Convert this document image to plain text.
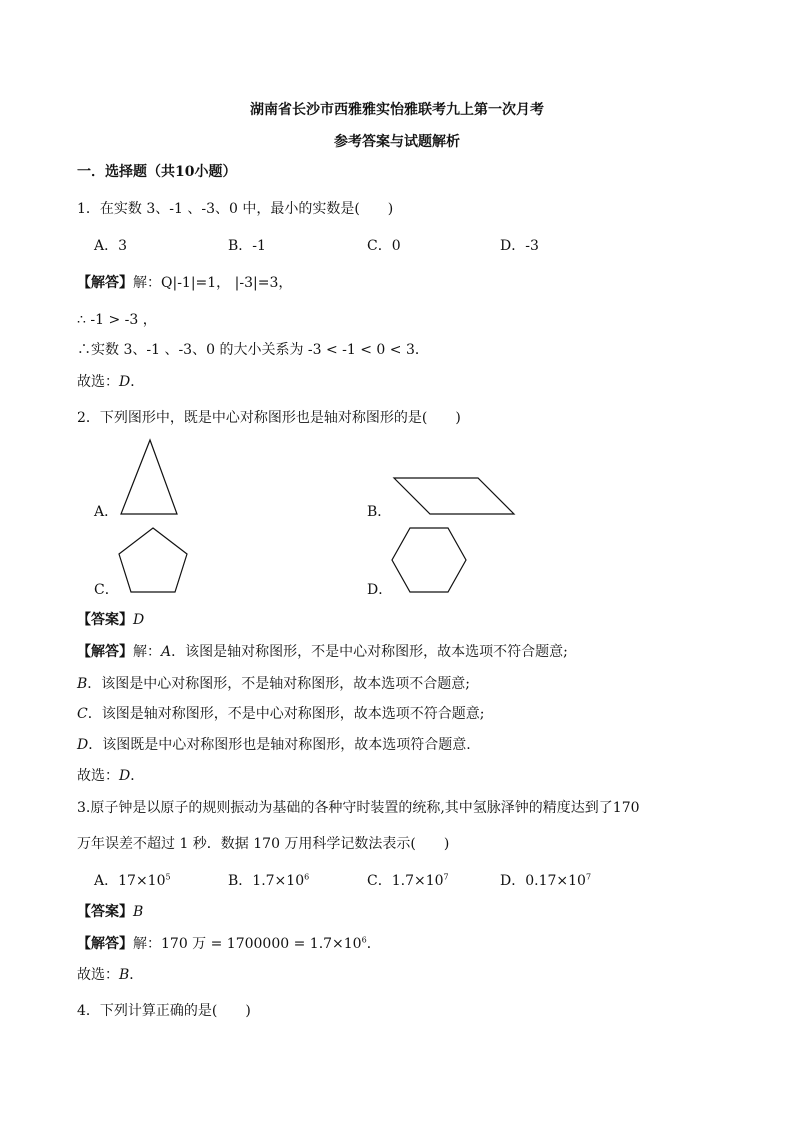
湖南省长沙市西雅雅实怡雅联考九上第一次月考
参考答案与试题解析
一．选择题（共10小题）
1．在实数 3、-1 、-3、0 中，最小的实数是(　　)
A．3	B．-1	C．0	D．-3
【解答】解：Q|-1|=1， |-3|=3，
∴ -1 > -3 ，
∴实数 3、-1 、-3、0 的大小关系为 -3 < -1 < 0 < 3．
故选：D．
2．下列图形中，既是中心对称图形也是轴对称图形的是(　　)
A．	B．
C．	D．
【答案】D
【解答】解：A．该图是轴对称图形，不是中心对称图形，故本选项不符合题意;
B．该图是中心对称图形，不是轴对称图形，故本选项不合题意;
C．该图是轴对称图形，不是中心对称图形，故本选项不符合题意;
D．该图既是中心对称图形也是轴对称图形，故本选项符合题意.
故选：D．
3.原子钟是以原子的规则振动为基础的各种守时装置的统称,其中氢脉泽钟的精度达到了170
万年误差不超过 1 秒．数据 170 万用科学记数法表示(　　)
A．$17\times 10^5$	B．$1.7\times 10^6$	C．$1.7\times 10^7$	D．$0.17\times 10^7$
【答案】B
【解答】解：170 万 = $1700000 = 1.7\times 10^6$．
故选：B．
4．下列计算正确的是(　　)
